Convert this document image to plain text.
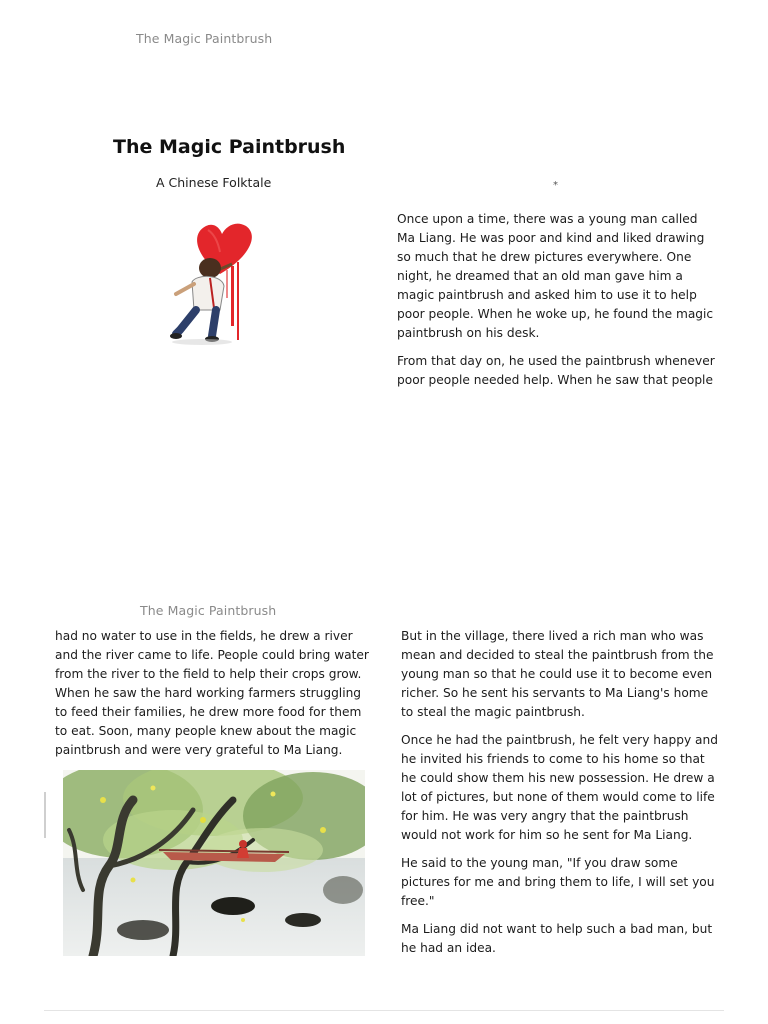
The Magic Paintbrush
The Magic Paintbrush
A Chinese Folktale	*

Once upon a time, there was a young man called Ma Liang. He was poor and kind and liked drawing so much that he drew pictures everywhere. One night, he dreamed that an old man gave him a magic paintbrush and asked him to use it to help poor people. When he woke up, he found the magic paintbrush on his desk.

From that day on, he used the paintbrush whenever poor people needed help. When he saw that people

The Magic Paintbrush

had no water to use in the fields, he drew a river and the river came to life. People could bring water from the river to the field to help their crops grow. When he saw the hard working farmers struggling to feed their families, he drew more food for them to eat. Soon, many people knew about the magic paintbrush and were very grateful to Ma Liang.

But in the village, there lived a rich man who was mean and decided to steal the paintbrush from the young man so that he could use it to become even richer. So he sent his servants to Ma Liang's home to steal the magic paintbrush.

Once he had the paintbrush, he felt very happy and he invited his friends to come to his home so that he could show them his new possession. He drew a lot of pictures, but none of them would come to life for him. He was very angry that the paintbrush would not work for him so he sent for Ma Liang.

He said to the young man, "If you draw some pictures for me and bring them to life, I will set you free."

Ma Liang did not want to help such a bad man, but he had an idea.
